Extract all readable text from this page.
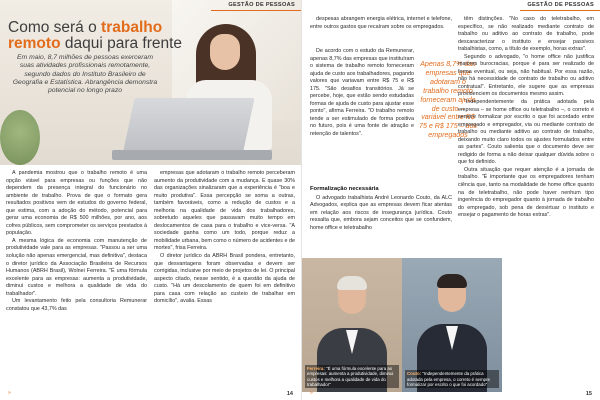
GESTÃO DE PESSOAS
Como será o trabalho
remoto daqui para frente

Em maio, 8,7 milhões de pessoas exerceram suas atividades profissionais remotamente, segundo dados do Instituto Brasileiro de Geografia e Estatística. Abrangência demonstra potencial no longo prazo

A pandemia mostrou que o trabalho remoto é uma opção viável para empresas ou funções que não dependem da presença integral do funcionário no ambiente de trabalho. Prova de que o formato gera resultados positivos vem de estudos do governo federal, que estima, com a adoção do método, potencial para gerar uma economia de R$ 500 milhões, por ano, aos cofres públicos, sem comprometer os serviços prestados à população.

A mesma lógica de economia com manutenção de produtividade vale para as empresas. "Passou a ser uma solução não apenas emergencial, mas definitiva", destaca o diretor jurídico da Associação Brasileira de Recursos Humanos (ABRH Brasil), Wolnei Ferreira. "É uma fórmula excelente para as empresas: aumenta a produtividade, diminui custos e melhora a qualidade de vida do trabalhador".

Um levantamento feito pela consultoria Remunerar constatou que 43,7% das

empresas que adotaram o trabalho remoto perceberam aumento da produtividade com a mudança. E quase 30% das organizações sinalizaram que a experiência é "boa e muito produtiva". Essa percepção se soma a outras, também favoráveis, como a redução de custos e a melhoria na qualidade de vida dos trabalhadores, sobretudo aqueles que passavam muito tempo em deslocamentos de casa para o trabalho e vice-versa. "A sociedade ganha como um todo, porque reduz a mobilidade urbana, bem como o número de acidentes e de mortes", frisa Ferreira.

O diretor jurídico da ABRH Brasil pondera, entretanto, que desvantagens foram observadas e devem ser corrigidas, inclusive por meio de projetos de lei. O principal aspecto citado, nesse sentido, é a questão da ajuda de custo. "Há um descolamento de quem foi em definitivo para casa com relação ao custeio de trabalhar em domicílio", avalia. Essas

»	14
GESTÃO DE PESSOAS

despesas abrangem energia elétrica, internet e telefone, entre outros gastos que recaíram sobre os empregados.

De acordo com o estudo da Remunerar, apenas 8,7% das empresas que instituíram o sistema de trabalho remoto forneceram ajuda de custo aos trabalhadores, pagando valores que variavam entre R$ 75 e R$ 175. "São desafios transitórios. Já se percebe, hoje, que estão sendo estudadas formas de ajuda de custo para ajustar esse ponto", afirma Ferreira. "O trabalho remoto tende a ser estimulado de forma positiva no futuro, pois é uma fonte de atração e retenção de talentos".

Apenas 8,7% das empresas que adotaram o trabalho remoto forneceram ajuda de custo – variável entre R$ 75 e R$ 175 – aos empregados
Formalização necessária

O advogado trabalhista André Leonardo Couto, da ALC Advogados, explica que as empresas devem ficar atentas em relação aos riscos de insegurança jurídica. Couto ressalta que, embora sejam conceitos que se confundem, home office e teletrabalho

têm distinções. "No caso do teletrabalho, em específico, se não realizado mediante contrato de trabalho ou aditivo ao contrato de trabalho, pode descaracterizar o instituto e ensejar passivos trabalhistas, como, a título de exemplo, horas extras".

Segundo o advogado, "o home office não justifica maiores burocracias, porque é para ser realizado de forma eventual, ou seja, não habitual. Por essa razão, não há necessidade de contrato de trabalho ou aditivo contratual". Entretanto, ele sugere que as empresas providenciem os documentos mesmo assim.

"Independentemente da prática adotada pela empresa – se home office ou teletrabalho –, o correto é sempre formalizar por escrito o que foi acordado entre empregado e empregador, via ou mediante contrato de trabalho ou mediante aditivo ao contrato de trabalho, deixando muito claro todos os ajustes formulados entre as partes". Couto salienta que o documento deve ser redigido de forma a não deixar qualquer dúvida sobre o que foi definido.

Outra situação que requer atenção é a jornada de trabalho. "É importante que os empregadores tenham ciência que, tanto na modalidade de home office quanto na de teletrabalho, não pode haver nenhum tipo ingerência do empregador quanto à jornada de trabalho do empregado, sob pena de desvirtuar o instituto e ensejar o pagamento de horas extras".

Ferreira: "É uma fórmula excelente para as empresas: aumenta a produtividade, diminui custos e melhora a qualidade de vida do trabalhador"
Couto: "Independentemente da prática adotada pela empresa, o correto é sempre formalizar por escrito o que foi acordado"
»	15
